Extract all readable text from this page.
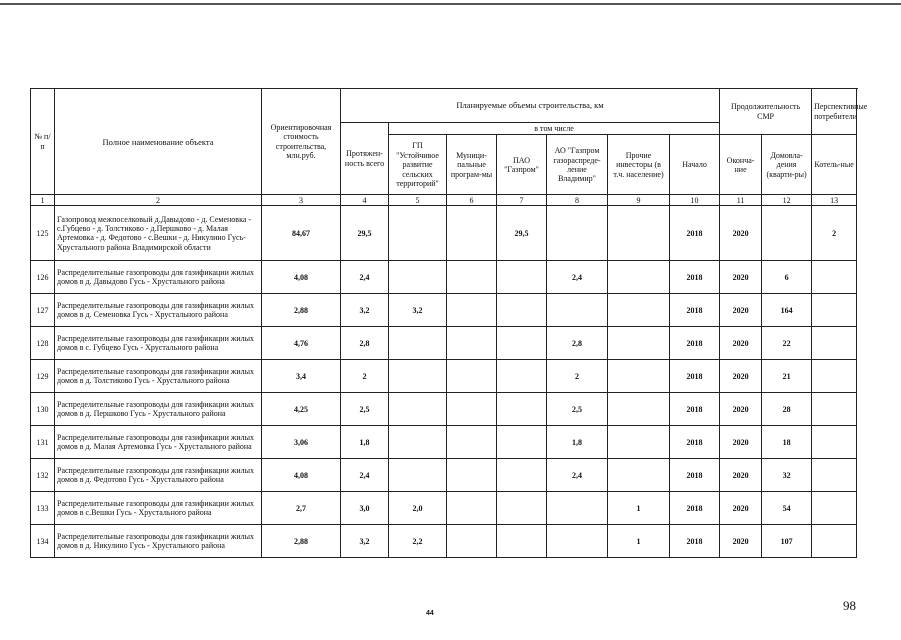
№ п/п	Полное наименование объекта	Ориентировочная стоимость строительства, млн.руб.	Планируемые объемы строительства, км							Продолжительность СМР		Перспективные потребители
			Протяжен-ность всего	в том числе								
				ГП "Устойчивое развитие сельских территорий"	Муници-пальные програм-мы	ПАО "Газпром"	АО "Газпром газораспреде-ление Владимир"	Прочие инвесторы (в т.ч. население)	Начало	Оконча-ние	Домовла-дения (кварти-ры)	Котель-ные
1	2	3	4	5	6	7	8	9	10	11	12	13
125	Газопровод межпоселковый д.Давыдово - д. Семеновка - с.Губцево - д. Толстиково - д.Першково - д. Малая Артемовка - д. Федотово - с.Вешки - д. Никулино Гусь-Хрустального района Владимирской области	84,67	29,5			29,5			2018	2020		2
126	Распределительные газопроводы для газификации жилых домов в д. Давыдово Гусь - Хрустального района	4,08	2,4				2,4		2018	2020	6	
127	Распределительные газопроводы для газификации жилых домов в д. Семеновка Гусь - Хрустального района	2,88	3,2	3,2					2018	2020	164	
128	Распределительные газопроводы для газификации жилых домов в с. Губцево Гусь - Хрустального района	4,76	2,8				2,8		2018	2020	22	
129	Распределительные газопроводы для газификации жилых домов в д. Толстиково Гусь - Хрустального района	3,4	2				2		2018	2020	21	
130	Распределительные газопроводы для газификации жилых домов в д. Першково Гусь - Хрустального района	4,25	2,5				2,5		2018	2020	28	
131	Распределительные газопроводы для газификации жилых домов в д. Малая Артемовка Гусь - Хрустального района	3,06	1,8				1,8		2018	2020	18	
132	Распределительные газопроводы для газификации жилых домов в д. Федотово Гусь - Хрустального района	4,08	2,4				2,4		2018	2020	32	
133	Распределительные газопроводы для газификации жилых домов в с.Вешки Гусь - Хрустального района	2,7	3,0	2,0				1	2018	2020	54	
134	Распределительные газопроводы для газификации жилых домов в д. Никулино Гусь - Хрустального района	2,88	3,2	2,2				1	2018	2020	107	
44
98
